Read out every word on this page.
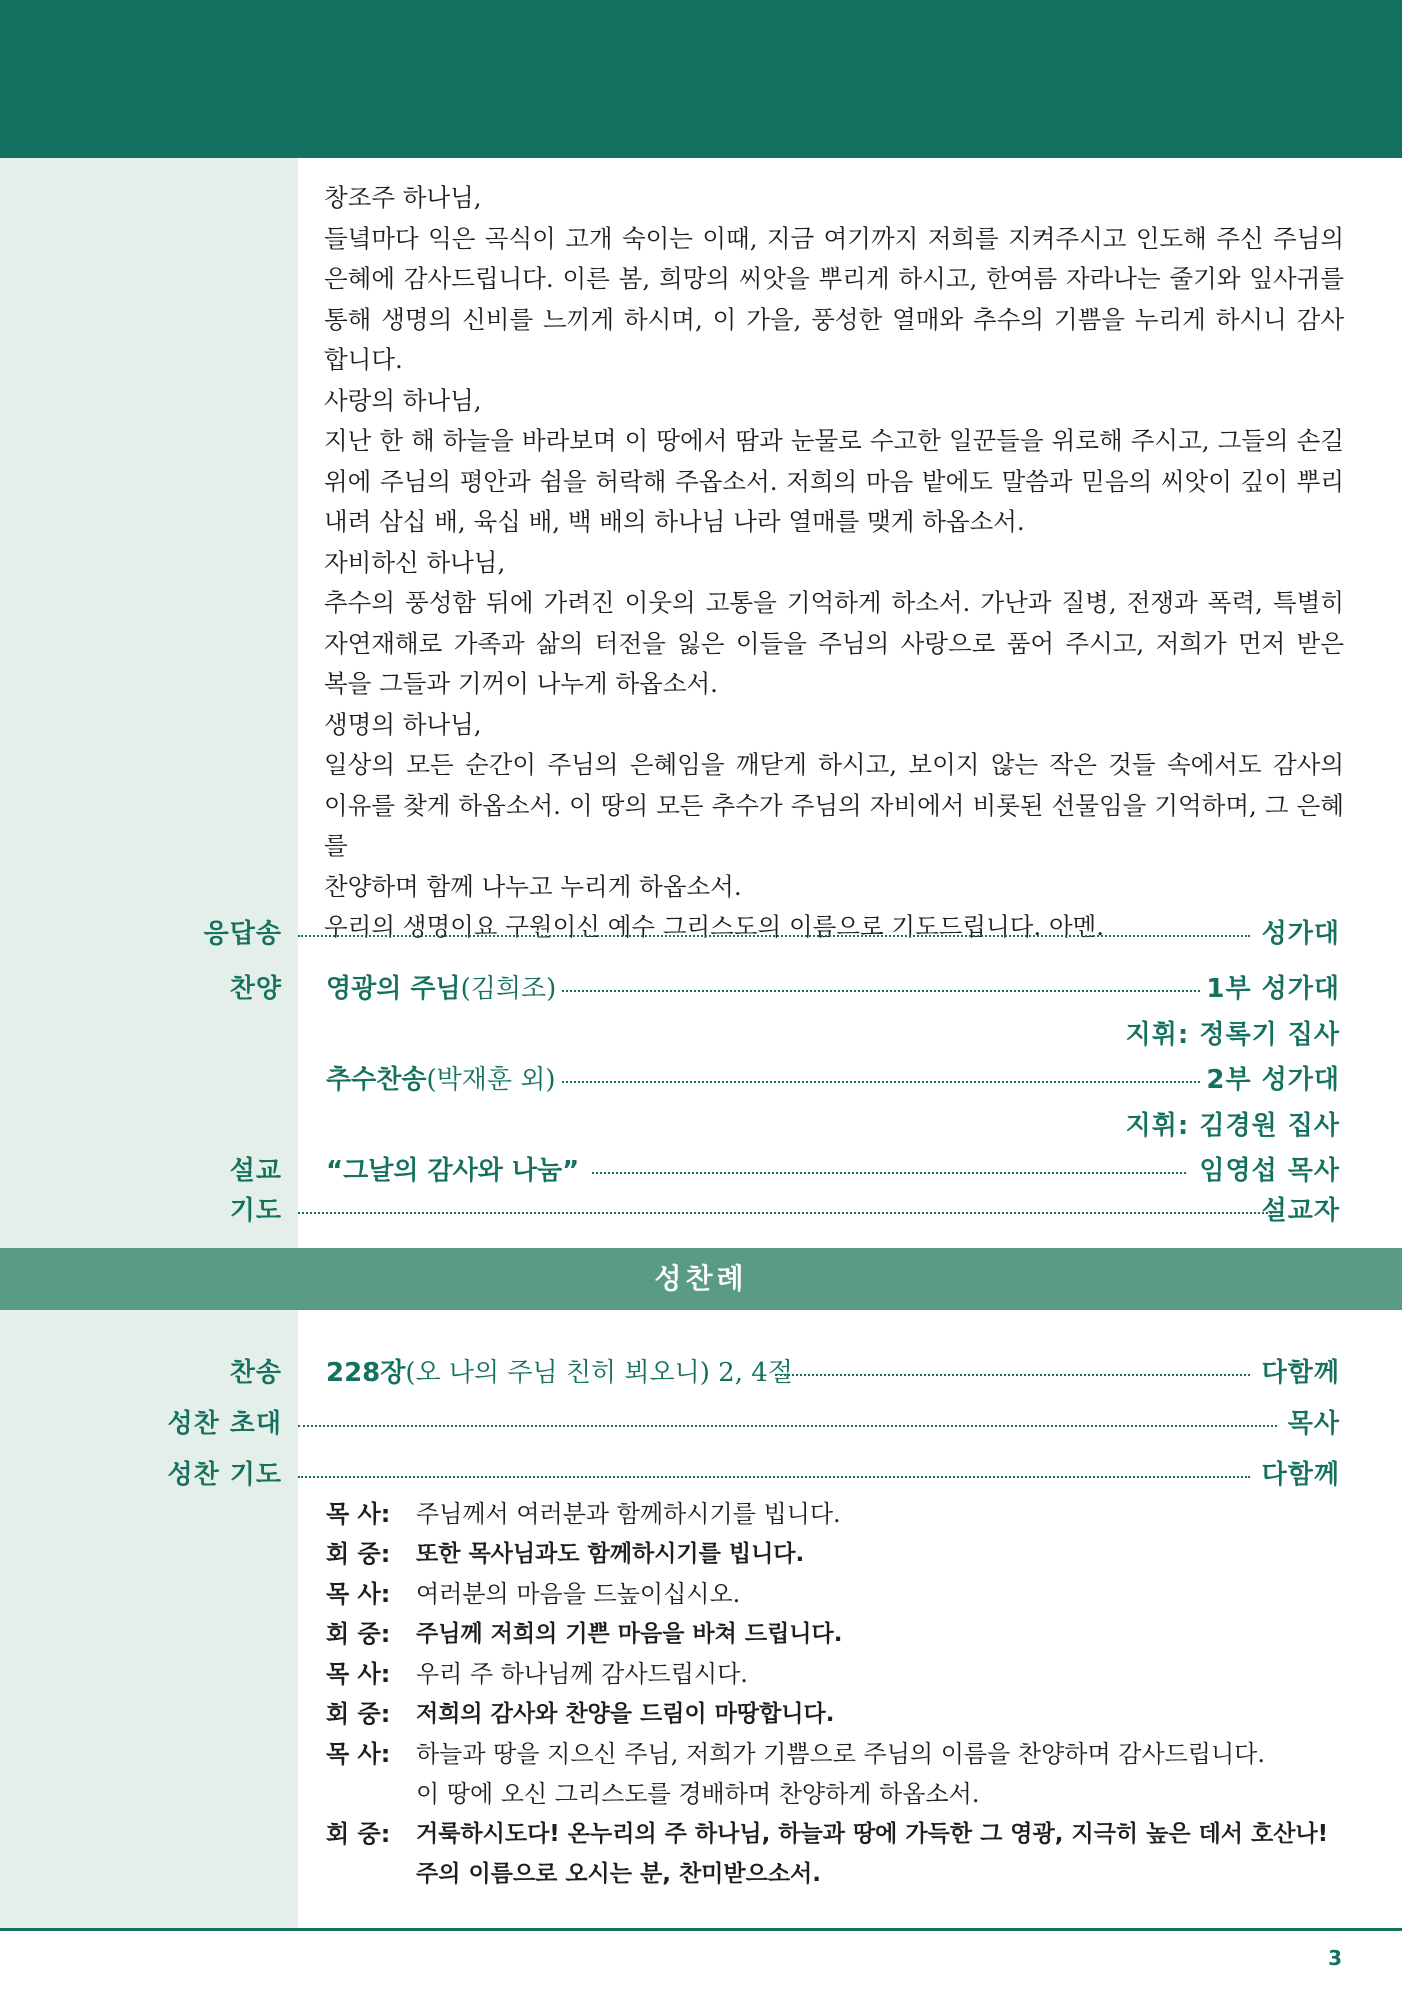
창조주 하나님,
들녘마다 익은 곡식이 고개 숙이는 이때, 지금 여기까지 저희를 지켜주시고 인도해 주신 주님의
은혜에 감사드립니다. 이른 봄, 희망의 씨앗을 뿌리게 하시고, 한여름 자라나는 줄기와 잎사귀를
통해 생명의 신비를 느끼게 하시며, 이 가을, 풍성한 열매와 추수의 기쁨을 누리게 하시니 감사
합니다.
사랑의 하나님,
지난 한 해 하늘을 바라보며 이 땅에서 땀과 눈물로 수고한 일꾼들을 위로해 주시고, 그들의 손길
위에 주님의 평안과 쉼을 허락해 주옵소서. 저희의 마음 밭에도 말씀과 믿음의 씨앗이 깊이 뿌리
내려 삼십 배, 육십 배, 백 배의 하나님 나라 열매를 맺게 하옵소서.
자비하신 하나님,
추수의 풍성함 뒤에 가려진 이웃의 고통을 기억하게 하소서. 가난과 질병, 전쟁과 폭력, 특별히
자연재해로 가족과 삶의 터전을 잃은 이들을 주님의 사랑으로 품어 주시고, 저희가 먼저 받은
복을 그들과 기꺼이 나누게 하옵소서.
생명의 하나님,
일상의 모든 순간이 주님의 은혜임을 깨닫게 하시고, 보이지 않는 작은 것들 속에서도 감사의
이유를 찾게 하옵소서. 이 땅의 모든 추수가 주님의 자비에서 비롯된 선물임을 기억하며, 그 은혜를
찬양하며 함께 나누고 누리게 하옵소서.
우리의 생명이요 구원이신 예수 그리스도의 이름으로 기도드립니다. 아멘.
응답송	성가대
찬양 영광의 주님(김희조)	1부 성가대
지휘: 정록기 집사
추수찬송(박재훈 외)	2부 성가대
지휘: 김경원 집사
설교 “그날의 감사와 나눔”	임영섭 목사
기도	설교자
성찬례
찬송 228장(오 나의 주님 친히 뵈오니) 2, 4절	다함께
성찬 초대	목사
성찬 기도	다함께
목 사: 주님께서 여러분과 함께하시기를 빕니다.
회 중: 또한 목사님과도 함께하시기를 빕니다.
목 사: 여러분의 마음을 드높이십시오.
회 중: 주님께 저희의 기쁜 마음을 바쳐 드립니다.
목 사: 우리 주 하나님께 감사드립시다.
회 중: 저희의 감사와 찬양을 드림이 마땅합니다.
목 사: 하늘과 땅을 지으신 주님, 저희가 기쁨으로 주님의 이름을 찬양하며 감사드립니다.
이 땅에 오신 그리스도를 경배하며 찬양하게 하옵소서.
회 중: 거룩하시도다! 온누리의 주 하나님, 하늘과 땅에 가득한 그 영광, 지극히 높은 데서 호산나!
주의 이름으로 오시는 분, 찬미받으소서.
3
